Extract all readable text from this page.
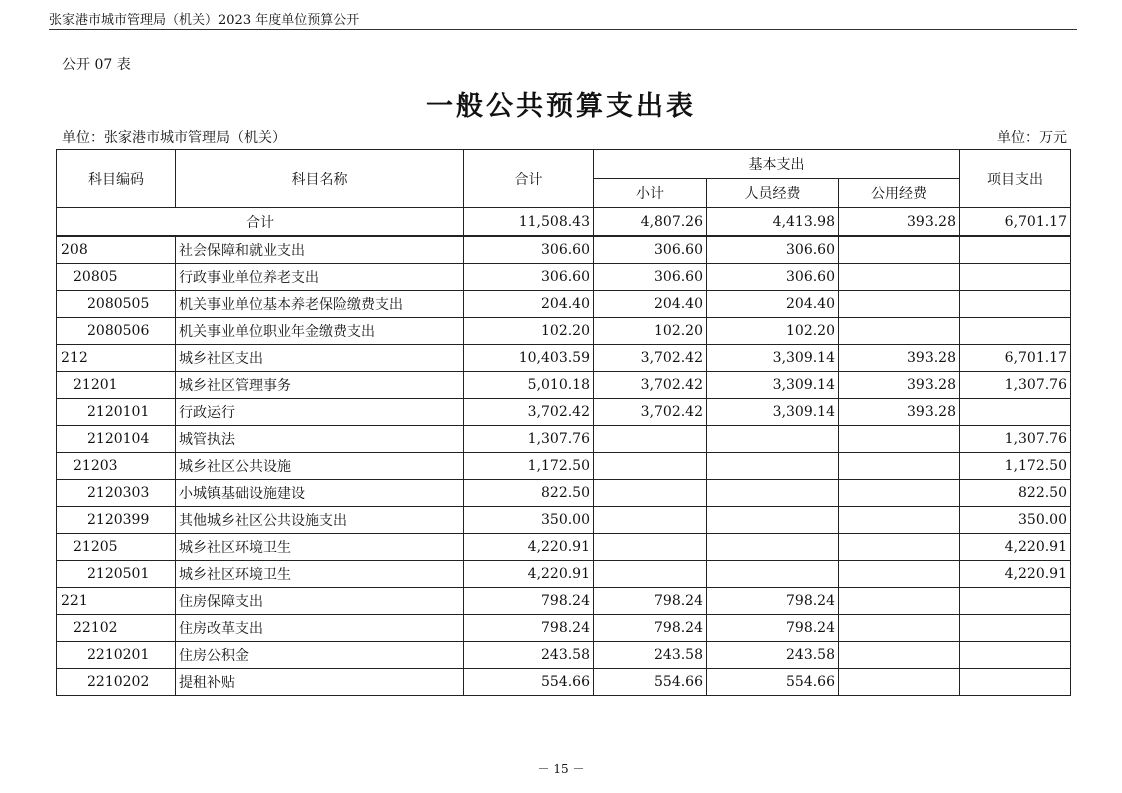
张家港市城市管理局（机关）2023 年度单位预算公开
公开 07 表
一般公共预算支出表
单位：张家港市城市管理局（机关）	单位：万元
科目编码	科目名称	合计	基本支出			项目支出
			小计	人员经费	公用经费	
合计		11,508.43	4,807.26	4,413.98	393.28	6,701.17
208	社会保障和就业支出	306.60	306.60	306.60		
20805	行政事业单位养老支出	306.60	306.60	306.60		
2080505	机关事业单位基本养老保险缴费支出	204.40	204.40	204.40		
2080506	机关事业单位职业年金缴费支出	102.20	102.20	102.20		
212	城乡社区支出	10,403.59	3,702.42	3,309.14	393.28	6,701.17
21201	城乡社区管理事务	5,010.18	3,702.42	3,309.14	393.28	1,307.76
2120101	行政运行	3,702.42	3,702.42	3,309.14	393.28	
2120104	城管执法	1,307.76				1,307.76
21203	城乡社区公共设施	1,172.50				1,172.50
2120303	小城镇基础设施建设	822.50				822.50
2120399	其他城乡社区公共设施支出	350.00				350.00
21205	城乡社区环境卫生	4,220.91				4,220.91
2120501	城乡社区环境卫生	4,220.91				4,220.91
221	住房保障支出	798.24	798.24	798.24		
22102	住房改革支出	798.24	798.24	798.24		
2210201	住房公积金	243.58	243.58	243.58		
2210202	提租补贴	554.66	554.66	554.66		
－ 15 －
